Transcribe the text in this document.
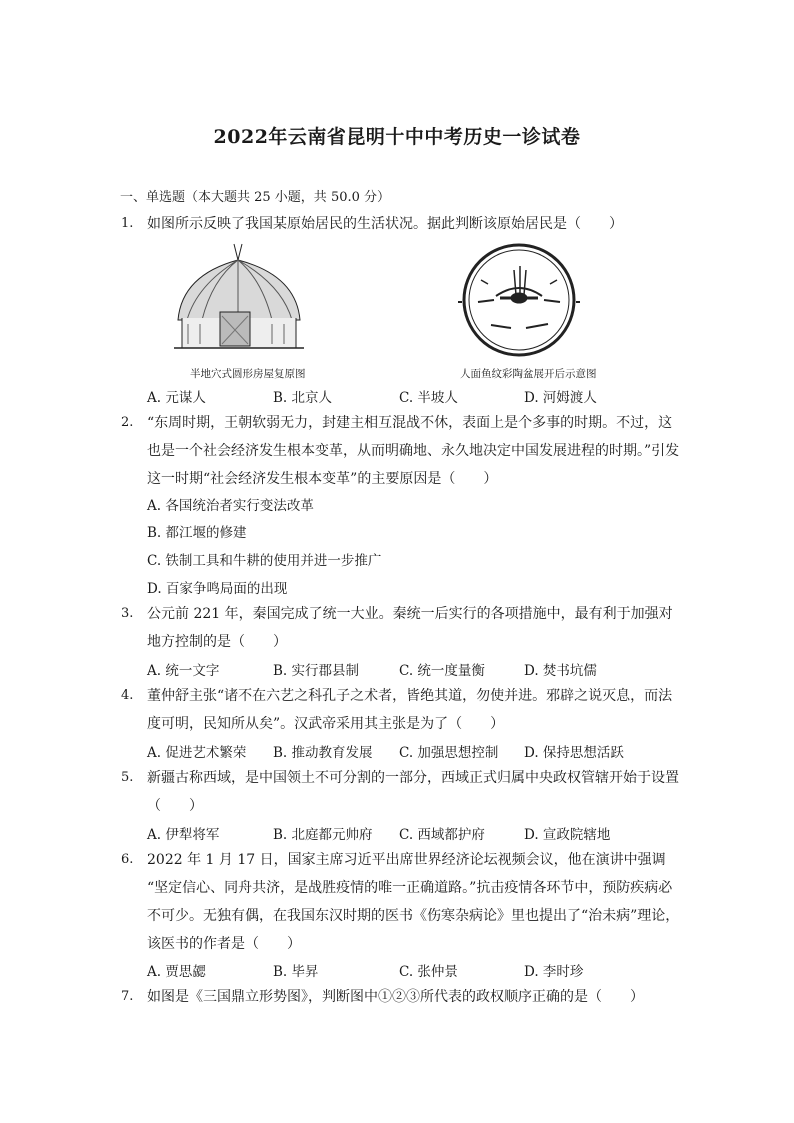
2022年云南省昆明十中中考历史一诊试卷
一、单选题（本大题共 25 小题，共 50.0 分）
1. 如图所示反映了我国某原始居民的生活状况。据此判断该原始居民是（　　）
半地穴式圆形房屋复原图	人面鱼纹彩陶盆展开后示意图
A. 元谋人	B. 北京人	C. 半坡人	D. 河姆渡人
2. “东周时期，王朝软弱无力，封建主相互混战不休，表面上是个多事的时期。不过，这也是一个社会经济发生根本变革，从而明确地、永久地决定中国发展进程的时期。”引发这一时期“社会经济发生根本变革”的主要原因是（　　）
A. 各国统治者实行变法改革
B. 都江堰的修建
C. 铁制工具和牛耕的使用并进一步推广
D. 百家争鸣局面的出现
3. 公元前 221 年，秦国完成了统一大业。秦统一后实行的各项措施中，最有利于加强对地方控制的是（　　）
A. 统一文字	B. 实行郡县制	C. 统一度量衡	D. 焚书坑儒
4. 董仲舒主张“诸不在六艺之科孔子之术者，皆绝其道，勿使并进。邪辟之说灭息，而法度可明，民知所从矣”。汉武帝采用其主张是为了（　　）
A. 促进艺术繁荣 B. 推动教育发展 C. 加强思想控制 D. 保持思想活跃
5. 新疆古称西域，是中国领土不可分割的一部分，西域正式归属中央政权管辖开始于设置（　　）
A. 伊犁将军	B. 北庭都元帅府 C. 西域都护府	D. 宣政院辖地
6. 2022 年 1 月 17 日，国家主席习近平出席世界经济论坛视频会议，他在演讲中强调 “坚定信心、同舟共济，是战胜疫情的唯一正确道路。”抗击疫情各环节中，预防疾病必不可少。无独有偶，在我国东汉时期的医书《伤寒杂病论》里也提出了“治未病”理论，该医书的作者是（　　）
A. 贾思勰	B. 毕昇	C. 张仲景	D. 李时珍
7. 如图是《三国鼎立形势图》，判断图中①②③所代表的政权顺序正确的是（　　）
